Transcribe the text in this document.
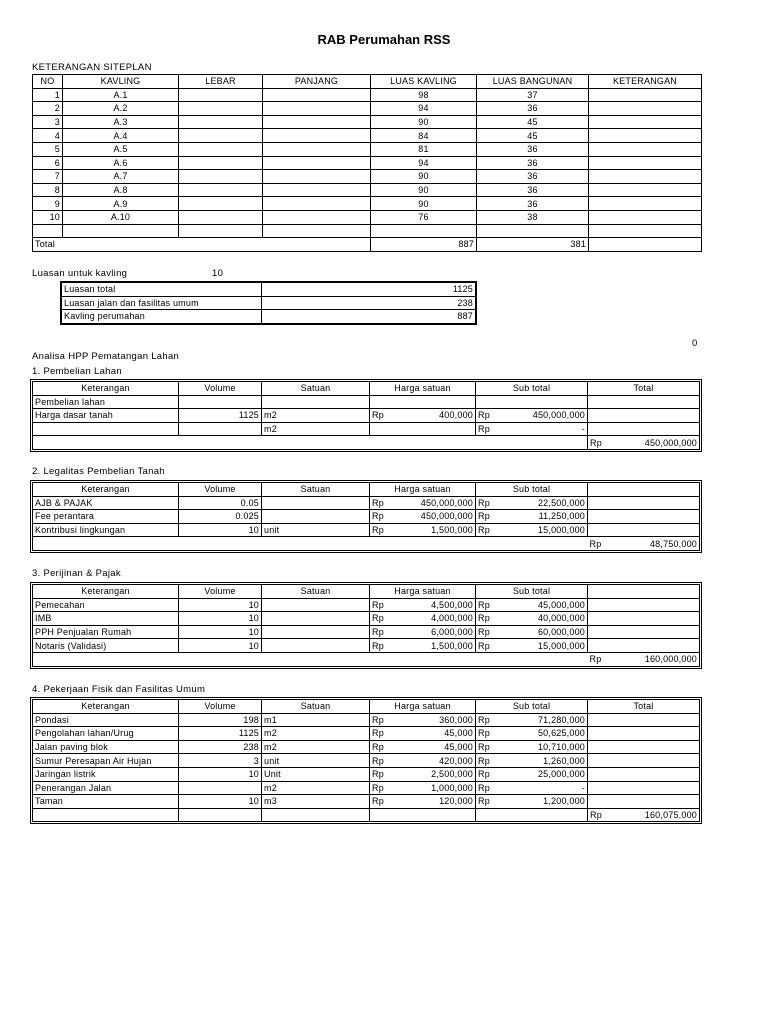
RAB Perumahan RSS
KETERANGAN SITEPLAN
NO	KAVLING	LEBAR	PANJANG	LUAS KAVLING	LUAS BANGUNAN	KETERANGAN
1	A.1			98	37	
2	A.2			94	36	
3	A.3			90	45	
4	A.4			84	45	
5	A.5			81	36	
6	A.6			94	36	
7	A.7			90	36	
8	A.8			90	36	
9	A.9			90	36	
10	A.10			76	38	

Total				887	381	
Luasan untuk kavling	10
Luasan total	1125
Luasan jalan dan fasilitas umum	238
Kavling perumahan	887
0
Analisa HPP Pematangan Lahan
1. Pembelian Lahan
Keterangan	Volume	Satuan	Harga satuan	Sub total	Total
Pembelian lahan			

Harga dasar tanah	1125	m2	Rp 400,000	Rp 450,000,000	

		m2		Rp -	

					Rp 450,000,000
2. Legalitas Pembelian Tanah
Keterangan	Volume	Satuan	Harga satuan	Sub total	
AJB & PAJAK	0.05		Rp 450,000,000	Rp 22,500,000	

Fee perantara	0.025		Rp 450,000,000	Rp 11,250,000	

Kontribusi lingkungan	10	unit	Rp 1,500,000	Rp 15,000,000	

					Rp 48,750,000
3. Perijinan & Pajak
Keterangan	Volume	Satuan	Harga satuan	Sub total	
Pemecahan	10		Rp 4,500,000	Rp 45,000,000	

IMB	10		Rp 4,000,000	Rp 40,000,000	

PPH Penjualan Rumah	10		Rp 6,000,000	Rp 60,000,000	

Notaris (Validasi)	10		Rp 1,500,000	Rp 15,000,000	

					Rp 160,000,000
4. Pekerjaan Fisik dan Fasilitas Umum
Keterangan	Volume	Satuan	Harga satuan	Sub total	Total
Pondasi	198	m1	Rp 360,000	Rp 71,280,000	

Pengolahan lahan/Urug	1125	m2	Rp 45,000	Rp 50,625,000	

Jalan paving blok	238	m2	Rp 45,000	Rp 10,710,000	

Sumur Peresapan Air Hujan	3	unit	Rp 420,000	Rp 1,260,000	

Jaringan listrik	10	Unit	Rp 2,500,000	Rp 25,000,000	

Penerangan Jalan		m2	Rp 1,000,000	Rp -	

Taman	10	m3	Rp 120,000	Rp 1,200,000	

					Rp 160,075,000
